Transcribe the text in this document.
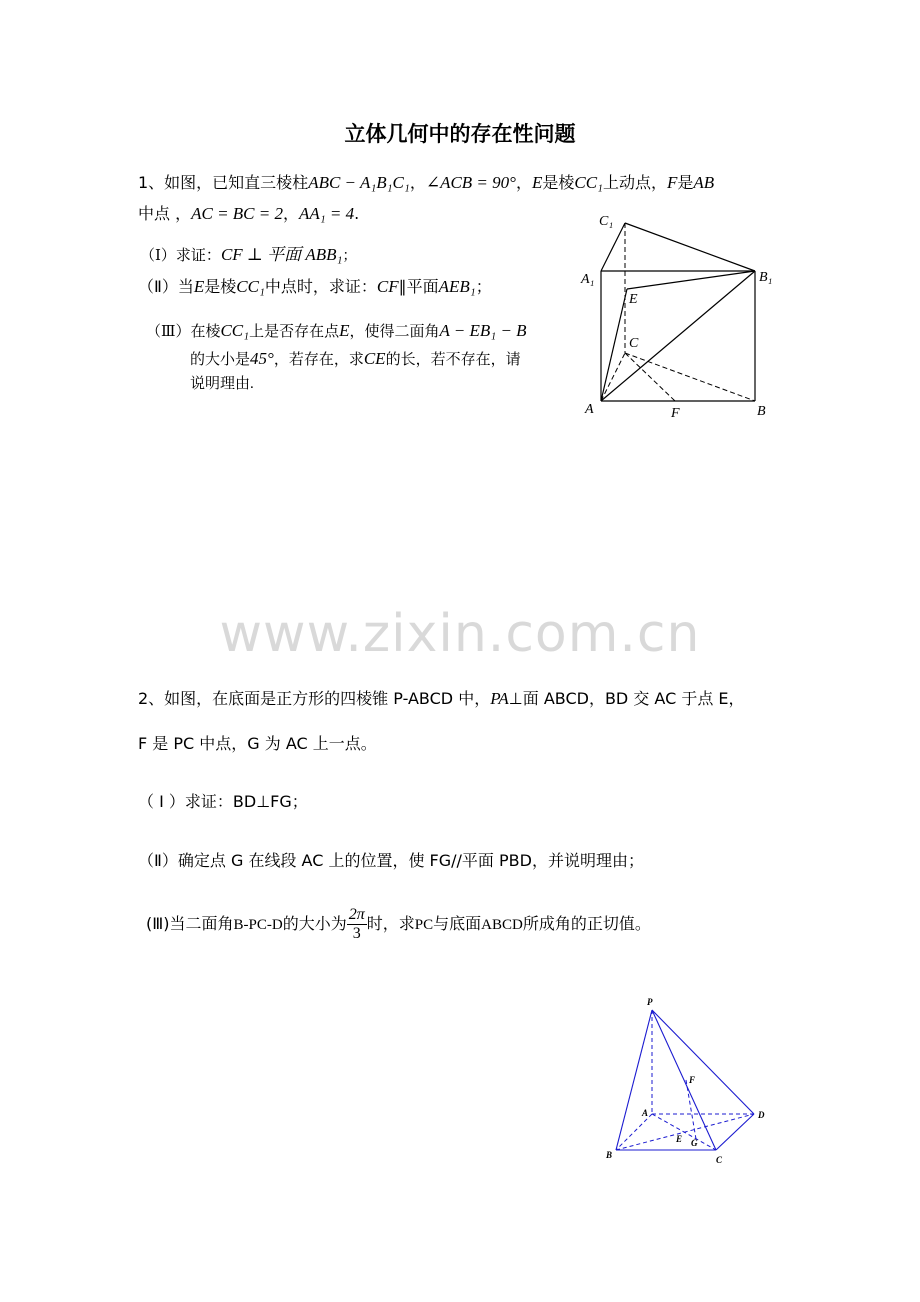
立体几何中的存在性问题
1、如图，已知直三棱柱ABC − A₁B₁C₁，∠ACB = 90°，E是棱CC₁上动点，F是AB
中点 ，AC = BC = 2，AA₁ = 4.
（Ⅰ）求证：CF ⊥ 平面 ABB₁；
（Ⅱ）当E是棱CC₁中点时，求证：CF∥平面AEB₁；
（Ⅲ）在棱CC₁上是否存在点E，使得二面角A − EB₁ − B
的大小是45°，若存在，求CE的长，若不存在，请
说明理由.
C₁
A₁	B₁
E
C
A	F	B
www.zixin.com.cn
2、如图，在底面是正方形的四棱锥 P-ABCD 中，PA⊥面 ABCD，BD 交 AC 于点 E，
F 是 PC 中点，G 为 AC 上一点。
（ Ⅰ ）求证：BD⊥FG；
（Ⅱ）确定点 G 在线段 AC 上的位置，使 FG//平面 PBD，并说明理由；
(Ⅲ)当二面角B-PC-D的大小为 $\frac{2\pi}{3}$ 时，求PC与底面ABCD所成角的正切值。
P
F
A	D
E G
B	C
